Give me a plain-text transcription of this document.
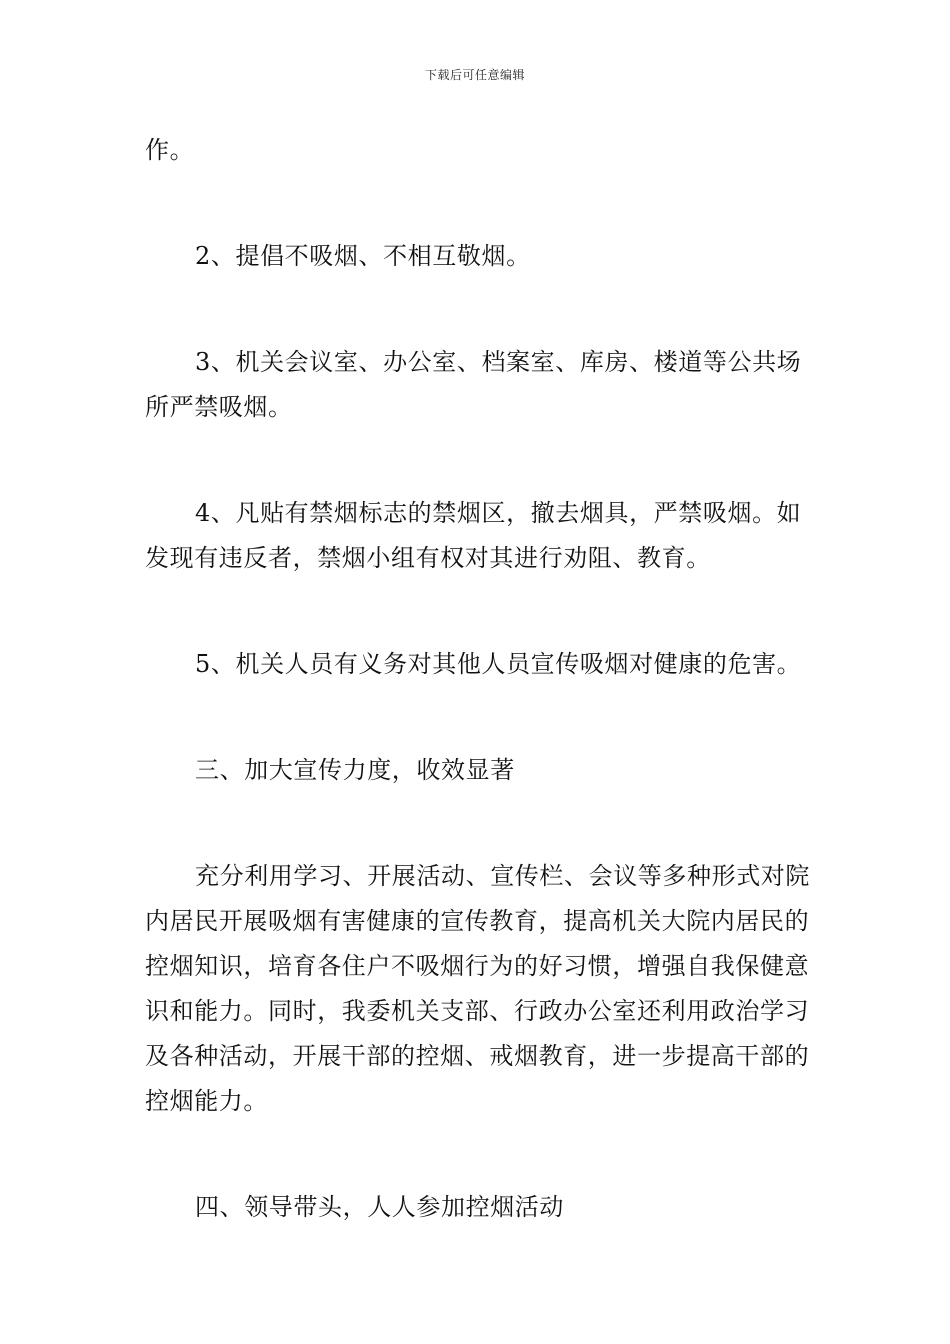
下载后可任意编辑

作。

2、提倡不吸烟、不相互敬烟。

3、机关会议室、办公室、档案室、库房、楼道等公共场所严禁吸烟。

4、凡贴有禁烟标志的禁烟区，撤去烟具，严禁吸烟。如发现有违反者，禁烟小组有权对其进行劝阻、教育。

5、机关人员有义务对其他人员宣传吸烟对健康的危害。

三、加大宣传力度，收效显著

充分利用学习、开展活动、宣传栏、会议等多种形式对院内居民开展吸烟有害健康的宣传教育，提高机关大院内居民的控烟知识，培育各住户不吸烟行为的好习惯，增强自我保健意识和能力。同时，我委机关支部、行政办公室还利用政治学习及各种活动，开展干部的控烟、戒烟教育，进一步提高干部的控烟能力。

四、领导带头，人人参加控烟活动
